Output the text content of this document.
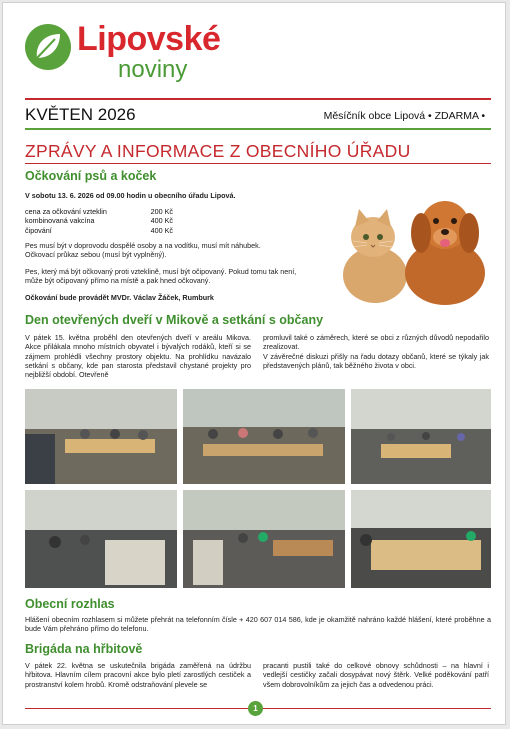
Lipovské
noviny
KVĚTEN 2026	Měsíčník obce Lipová • ZDARMA •
ZPRÁVY A INFORMACE Z OBECNÍHO ÚŘADU
Očkování psů a koček
V sobotu 13. 6. 2026 od 09.00 hodin u obecního úřadu Lipová.
cena za očkování vzteklin	200 Kč
kombinovaná vakcína	400 Kč
čipování	400 Kč
Pes musí být v doprovodu dospělé osoby a na vodítku, musí mít náhubek. Očkovací průkaz sebou (musí být vyplněný).
Pes, který má být očkovaný proti vzteklině, musí být očipovaný. Pokud tomu tak není, může být očipovaný přímo na místě a pak hned očkovaný.
Očkování bude provádět MVDr. Václav Žáček, Rumburk
Den otevřených dveří v Mikově a setkání s občany
V pátek 15. května proběhl den otevřených dveří v areálu Mikova. Akce přilákala mnoho místních obyvatel i bývalých rodáků, kteří si se zájmem prohlédli všechny prostory objektu. Na prohlídku navázalo setkání s občany, kde pan starosta představil chystané projekty pro nejbližší období. Otevřeně
promluvil také o záměrech, které se obci z různých důvodů nepodařilo zrealizovat.
V závěrečné diskuzi přišly na řadu dotazy občanů, které se týkaly jak představených plánů, tak běžného života v obci.
Obecní rozhlas
Hlášení obecním rozhlasem si můžete přehrát na telefonním čísle + 420 607 014 586, kde je okamžitě nahráno každé hlášení, které proběhne a bude Vám přehráno přímo do telefonu.
Brigáda na hřbitově
V pátek 22. května se uskutečnila brigáda zaměřená na údržbu hřbitova. Hlavním cílem pracovní akce bylo pletí zarostlých cestiček a prostranství kolem hrobů. Kromě odstraňování plevele se
pracanti pustili také do celkové obnovy schůdnosti – na hlavní i vedlejší cestičky začali dosypávat nový štěrk. Velké poděkování patří všem dobrovolníkům za jejich čas a odvedenou práci.
1
